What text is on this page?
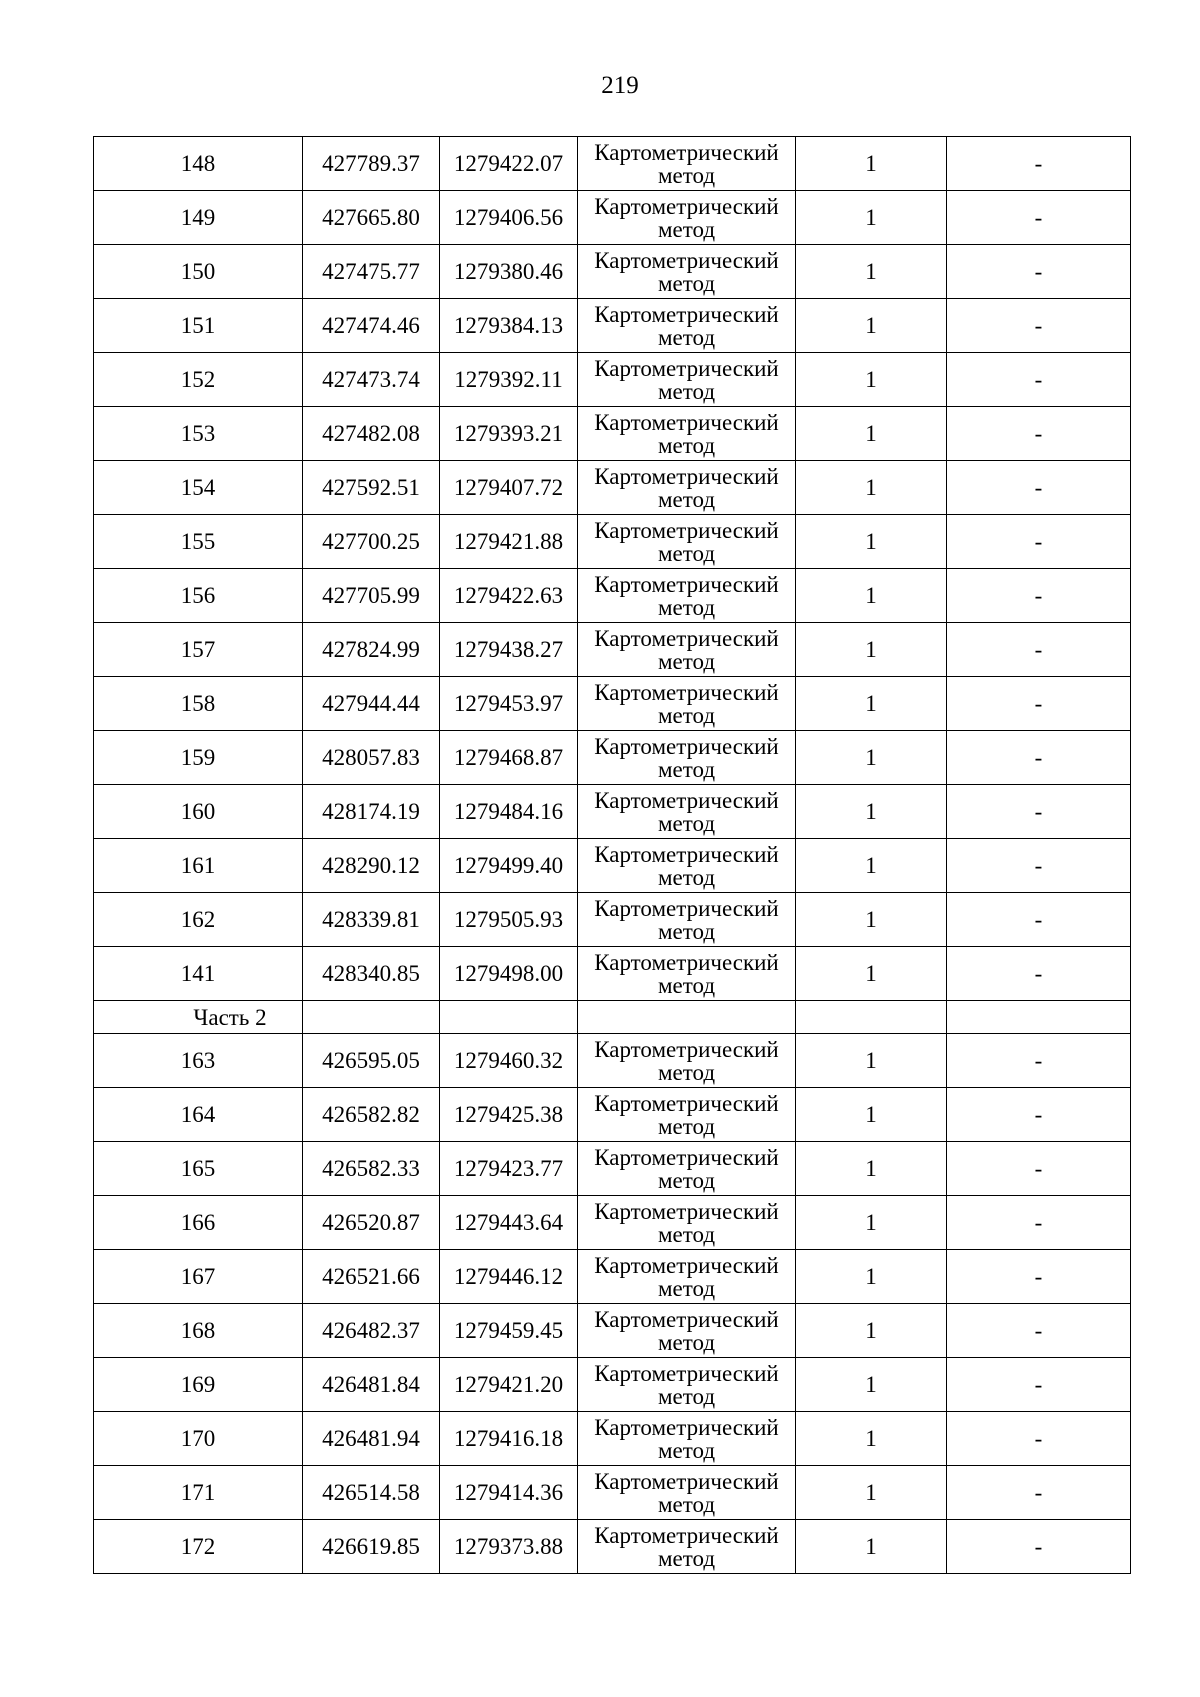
219
148	427789.37	1279422.07	Картометрический метод	1	-
149	427665.80	1279406.56	Картометрический метод	1	-
150	427475.77	1279380.46	Картометрический метод	1	-
151	427474.46	1279384.13	Картометрический метод	1	-
152	427473.74	1279392.11	Картометрический метод	1	-
153	427482.08	1279393.21	Картометрический метод	1	-
154	427592.51	1279407.72	Картометрический метод	1	-
155	427700.25	1279421.88	Картометрический метод	1	-
156	427705.99	1279422.63	Картометрический метод	1	-
157	427824.99	1279438.27	Картометрический метод	1	-
158	427944.44	1279453.97	Картометрический метод	1	-
159	428057.83	1279468.87	Картометрический метод	1	-
160	428174.19	1279484.16	Картометрический метод	1	-
161	428290.12	1279499.40	Картометрический метод	1	-
162	428339.81	1279505.93	Картометрический метод	1	-
141	428340.85	1279498.00	Картометрический метод	1	-
Часть 2					
163	426595.05	1279460.32	Картометрический метод	1	-
164	426582.82	1279425.38	Картометрический метод	1	-
165	426582.33	1279423.77	Картометрический метод	1	-
166	426520.87	1279443.64	Картометрический метод	1	-
167	426521.66	1279446.12	Картометрический метод	1	-
168	426482.37	1279459.45	Картометрический метод	1	-
169	426481.84	1279421.20	Картометрический метод	1	-
170	426481.94	1279416.18	Картометрический метод	1	-
171	426514.58	1279414.36	Картометрический метод	1	-
172	426619.85	1279373.88	Картометрический метод	1	-
